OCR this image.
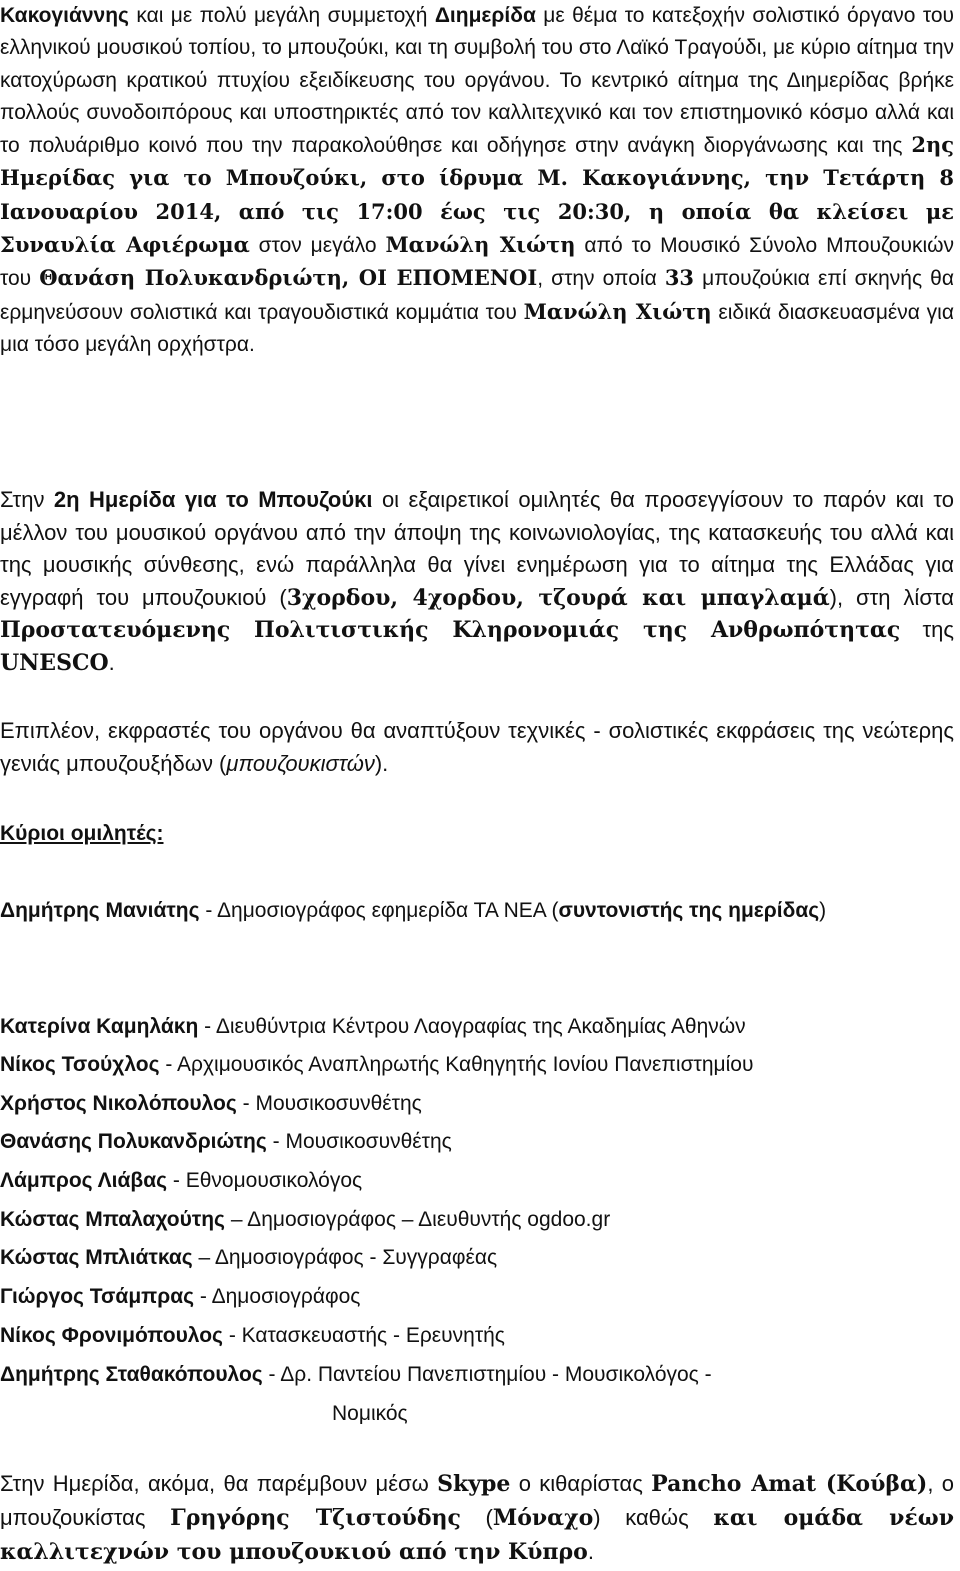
Κακογιάννης και με πολύ μεγάλη συμμετοχή Διημερίδα με θέμα το κατεξοχήν σολιστικό όργανο του ελληνικού μουσικού τοπίου, το μπουζούκι, και τη συμβολή του στο Λαϊκό Τραγούδι, με κύριο αίτημα την κατοχύρωση κρατικού πτυχίου εξειδίκευσης του οργάνου. Το κεντρικό αίτημα της Διημερίδας βρήκε πολλούς συνοδοιπόρους και υποστηρικτές από τον καλλιτεχνικό και τον επιστημονικό κόσμο αλλά και το πολυάριθμο κοινό που την παρακολούθησε και οδήγησε στην ανάγκη διοργάνωσης και της 2ης Ημερίδας για το Μπουζούκι, στο ίδρυμα Μ. Κακογιάννης, την Τετάρτη 8 Ιανουαρίου 2014, από τις 17:00 έως τις 20:30, η οποία θα κλείσει με Συναυλία Αφιέρωμα στον μεγάλο Μανώλη Χιώτη από το Μουσικό Σύνολο Μπουζουκιών του Θανάση Πολυκανδριώτη, ΟΙ ΕΠΟΜΕΝΟΙ, στην οποία 33 μπουζούκια επί σκηνής θα ερμηνεύσουν σολιστικά και τραγουδιστικά κομμάτια του Μανώλη Χιώτη ειδικά διασκευασμένα για μια τόσο μεγάλη ορχήστρα.

Στην 2η Ημερίδα για το Μπουζούκι οι εξαιρετικοί ομιλητές θα προσεγγίσουν το παρόν και το μέλλον του μουσικού οργάνου από την άποψη της κοινωνιολογίας, της κατασκευής του αλλά και της μουσικής σύνθεσης, ενώ παράλληλα θα γίνει ενημέρωση για το αίτημα της Ελλάδας για εγγραφή του μπουζουκιού (3χορδου, 4χορδου, τζουρά και μπαγλαμά), στη λίστα Προστατευόμενης Πολιτιστικής Κληρονομιάς της Ανθρωπότητας της UNESCO.

Επιπλέον, εκφραστές του οργάνου θα αναπτύξουν τεχνικές - σολιστικές εκφράσεις της νεώτερης γενιάς μπουζουξήδων (μπουζουκιστών).

Κύριοι ομιλητές:

Δημήτρης Μανιάτης - Δημοσιογράφος εφημερίδα ΤΑ ΝΕΑ (συντονιστής της ημερίδας)

Κατερίνα Καμηλάκη - Διευθύντρια Κέντρου Λαογραφίας της Ακαδημίας Αθηνών

Νίκος Τσούχλος - Αρχιμουσικός Αναπληρωτής Καθηγητής Ιονίου Πανεπιστημίου

Χρήστος Νικολόπουλος - Μουσικοσυνθέτης

Θανάσης Πολυκανδριώτης - Μουσικοσυνθέτης

Λάμπρος Λιάβας - Εθνομουσικολόγος

Κώστας Μπαλαχούτης – Δημοσιογράφος – Διευθυντής ogdoo.gr

Κώστας Μπλιάτκας – Δημοσιογράφος - Συγγραφέας

Γιώργος Τσάμπρας - Δημοσιογράφος

Νίκος Φρονιμόπουλος - Κατασκευαστής - Ερευνητής

Δημήτρης Σταθακόπουλος - Δρ. Παντείου Πανεπιστημίου - Μουσικολόγος -

Νομικός

Στην Ημερίδα, ακόμα, θα παρέμβουν μέσω Skype ο κιθαρίστας Pancho Amat (Κούβα), ο μπουζουκίστας Γρηγόρης Τζιστούδης (Μόναχο) καθώς και ομάδα νέων καλλιτεχνών του μπουζουκιού από την Κύπρο.
